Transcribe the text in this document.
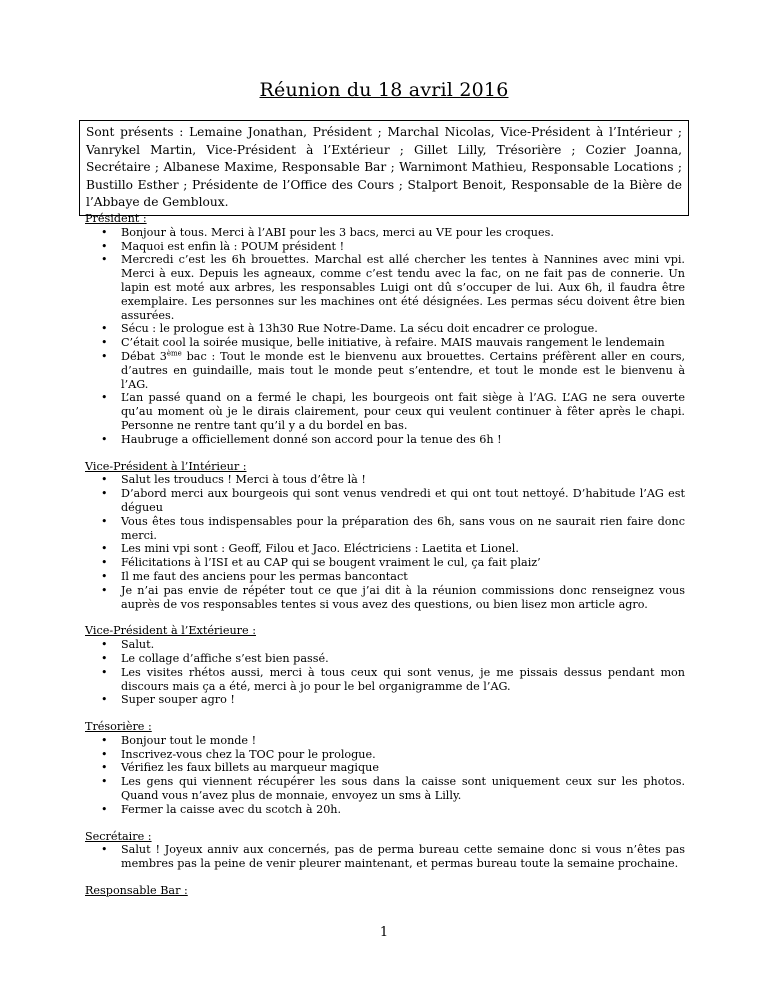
Réunion du 18 avril 2016
Sont présents : Lemaine Jonathan, Président ; Marchal Nicolas, Vice-Président à l’Intérieur ; Vanrykel Martin, Vice-Président à l’Extérieur ; Gillet Lilly, Trésorière ; Cozier Joanna, Secrétaire ; Albanese Maxime, Responsable Bar ; Warnimont Mathieu, Responsable Locations ; Bustillo Esther ; Présidente de l’Office des Cours ; Stalport Benoit, Responsable de la Bière de l’Abbaye de Gembloux.
Président :
• Bonjour à tous. Merci à l’ABI pour les 3 bacs, merci au VE pour les croques.
• Maquoi est enfin là : POUM président !
• Mercredi c’est les 6h brouettes. Marchal est allé chercher les tentes à Nannines avec mini vpi. Merci à eux. Depuis les agneaux, comme c’est tendu avec la fac, on ne fait pas de connerie. Un lapin est moté aux arbres, les responsables Luigi ont dû s’occuper de lui. Aux 6h, il faudra être exemplaire. Les personnes sur les machines ont été désignées. Les permas sécu doivent être bien assurées.
• Sécu : le prologue est à 13h30 Rue Notre-Dame. La sécu doit encadrer ce prologue.
• C’était cool la soirée musique, belle initiative, à refaire. MAIS mauvais rangement le lendemain
• Débat 3ème bac : Tout le monde est le bienvenu aux brouettes. Certains préfèrent aller en cours, d’autres en guindaille, mais tout le monde peut s’entendre, et tout le monde est le bienvenu à l’AG.
• L’an passé quand on a fermé le chapi, les bourgeois ont fait siège à l’AG. L’AG ne sera ouverte qu’au moment où je le dirais clairement, pour ceux qui veulent continuer à fêter après le chapi. Personne ne rentre tant qu’il y a du bordel en bas.
• Haubruge a officiellement donné son accord pour la tenue des 6h !
Vice-Président à l’Intérieur :
• Salut les trouducs ! Merci à tous d’être là !
• D’abord merci aux bourgeois qui sont venus vendredi et qui ont tout nettoyé. D’habitude l’AG est dégueu
• Vous êtes tous indispensables pour la préparation des 6h, sans vous on ne saurait rien faire donc merci.
• Les mini vpi sont : Geoff, Filou et Jaco. Eléctriciens : Laetita et Lionel.
• Félicitations à l’ISI et au CAP qui se bougent vraiment le cul, ça fait plaiz’
• Il me faut des anciens pour les permas bancontact
• Je n’ai pas envie de répéter tout ce que j’ai dit à la réunion commissions donc renseignez vous auprès de vos responsables tentes si vous avez des questions, ou bien lisez mon article agro.
Vice-Président à l’Extérieure :
• Salut.
• Le collage d’affiche s’est bien passé.
• Les visites rhétos aussi, merci à tous ceux qui sont venus, je me pissais dessus pendant mon discours mais ça a été, merci à jo pour le bel organigramme de l’AG.
• Super souper agro !
Trésorière :
• Bonjour tout le monde !
• Inscrivez-vous chez la TOC pour le prologue.
• Vérifiez les faux billets au marqueur magique
• Les gens qui viennent récupérer les sous dans la caisse sont uniquement ceux sur les photos. Quand vous n’avez plus de monnaie, envoyez un sms à Lilly.
• Fermer la caisse avec du scotch à 20h.
Secrétaire :
• Salut ! Joyeux anniv aux concernés, pas de perma bureau cette semaine donc si vous n’êtes pas membres pas la peine de venir pleurer maintenant, et permas bureau toute la semaine prochaine.
Responsable Bar :
1
